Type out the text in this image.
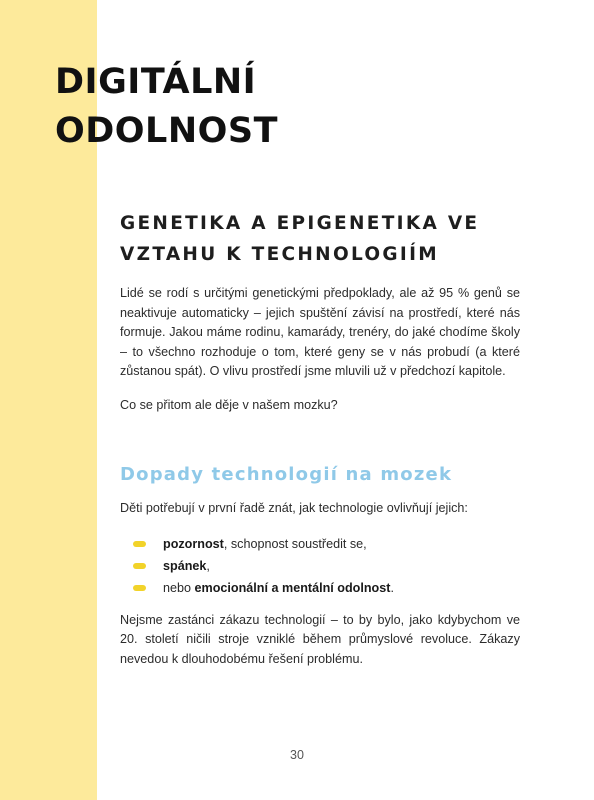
DIGITÁLNÍ
ODOLNOST
GENETIKA A EPIGENETIKA VE VZTAHU K TECHNOLOGIÍM

Lidé se rodí s určitými genetickými předpoklady, ale až 95 % genů se neaktivuje automaticky – jejich spuštění závisí na prostředí, které nás formuje. Jakou máme rodinu, kamarády, trenéry, do jaké chodíme školy – to všechno rozhoduje o tom, které geny se v nás probudí (a které zůstanou spát). O vlivu prostředí jsme mluvili už v předchozí kapitole.

Co se přitom ale děje v našem mozku?

Dopady technologií na mozek

Děti potřebují v první řadě znát, jak technologie ovlivňují jejich:

pozornost, schopnost soustředit se,
spánek,
nebo emocionální a mentální odolnost.

Nejsme zastánci zákazu technologií – to by bylo, jako kdybychom ve 20. století ničili stroje vzniklé během průmyslové revoluce. Zákazy nevedou k dlouhodobému řešení problému.

30
